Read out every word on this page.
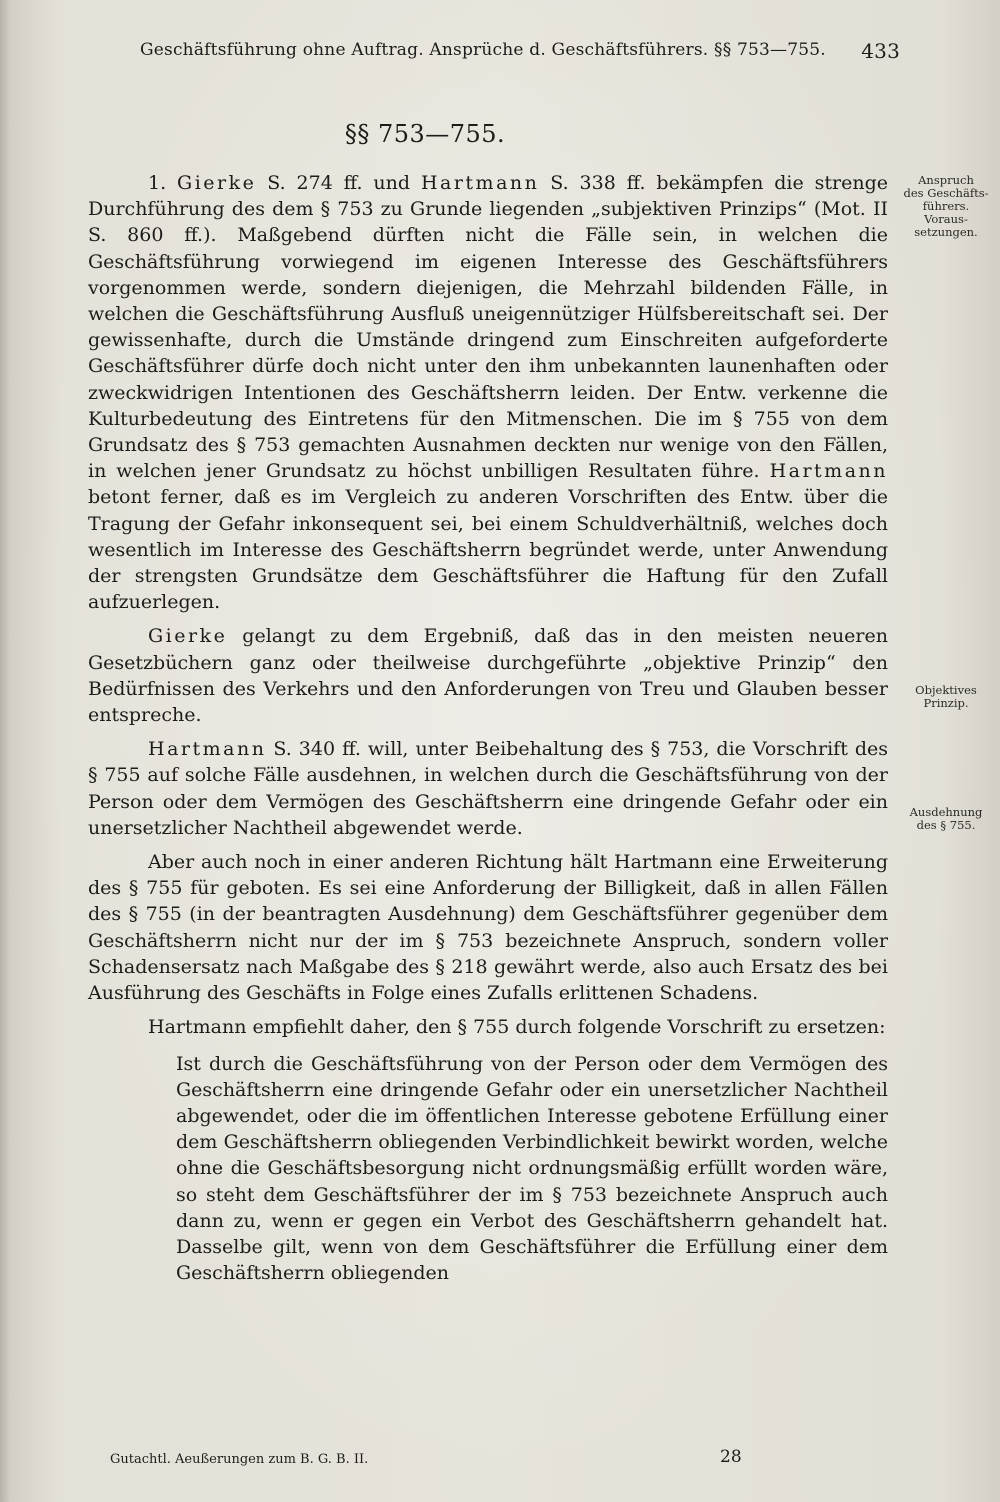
Geschäftsführung ohne Auftrag. Ansprüche d. Geschäftsführers. §§ 753—755. 433
§§ 753—755.

1. Gierke S. 274 ff. und Hartmann S. 338 ff. bekämpfen die strenge Durchführung des dem § 753 zu Grunde liegenden „subjektiven Prinzips“ (Mot. II S. 860 ff.). Maßgebend dürften nicht die Fälle sein, in welchen die Geschäftsführung vorwiegend im eigenen Interesse des Geschäftsführers vorgenommen werde, sondern diejenigen, die Mehrzahl bildenden Fälle, in welchen die Geschäftsführung Ausfluß uneigennütziger Hülfsbereitschaft sei. Der gewissenhafte, durch die Umstände dringend zum Einschreiten aufgeforderte Geschäftsführer dürfe doch nicht unter den ihm unbekannten launenhaften oder zweckwidrigen Intentionen des Geschäftsherrn leiden. Der Entw. verkenne die Kulturbedeutung des Eintretens für den Mitmenschen. Die im § 755 von dem Grundsatz des § 753 gemachten Ausnahmen deckten nur wenige von den Fällen, in welchen jener Grundsatz zu höchst unbilligen Resultaten führe. Hartmann betont ferner, daß es im Vergleich zu anderen Vorschriften des Entw. über die Tragung der Gefahr inkonsequent sei, bei einem Schuldverhältniß, welches doch wesentlich im Interesse des Geschäftsherrn begründet werde, unter Anwendung der strengsten Grundsätze dem Geschäftsführer die Haftung für den Zufall aufzuerlegen.

Gierke gelangt zu dem Ergebniß, daß das in den meisten neueren Gesetzbüchern ganz oder theilweise durchgeführte „objektive Prinzip“ den Bedürfnissen des Verkehrs und den Anforderungen von Treu und Glauben besser entspreche.

Hartmann S. 340 ff. will, unter Beibehaltung des § 753, die Vorschrift des § 755 auf solche Fälle ausdehnen, in welchen durch die Geschäftsführung von der Person oder dem Vermögen des Geschäftsherrn eine dringende Gefahr oder ein unersetzlicher Nachtheil abgewendet werde.

Aber auch noch in einer anderen Richtung hält Hartmann eine Erweiterung des § 755 für geboten. Es sei eine Anforderung der Billigkeit, daß in allen Fällen des § 755 (in der beantragten Ausdehnung) dem Geschäftsführer gegenüber dem Geschäftsherrn nicht nur der im § 753 bezeichnete Anspruch, sondern voller Schadensersatz nach Maßgabe des § 218 gewährt werde, also auch Ersatz des bei Ausführung des Geschäfts in Folge eines Zufalls erlittenen Schadens.

Hartmann empfiehlt daher, den § 755 durch folgende Vorschrift zu ersetzen:

Ist durch die Geschäftsführung von der Person oder dem Vermögen des Geschäftsherrn eine dringende Gefahr oder ein unersetzlicher Nachtheil abgewendet, oder die im öffentlichen Interesse gebotene Erfüllung einer dem Geschäftsherrn obliegenden Verbindlichkeit bewirkt worden, welche ohne die Geschäftsbesorgung nicht ordnungsmäßig erfüllt worden wäre, so steht dem Geschäftsführer der im § 753 bezeichnete Anspruch auch dann zu, wenn er gegen ein Verbot des Geschäftsherrn gehandelt hat. Dasselbe gilt, wenn von dem Geschäftsführer die Erfüllung einer dem Geschäftsherrn obliegenden

Anspruch
des Geschäfts-
führers.
Voraus-
setzungen.
Objektives
Prinzip.
Ausdehnung
des § 755.
Gutachtl. Aeußerungen zum B. G. B. II.	28
